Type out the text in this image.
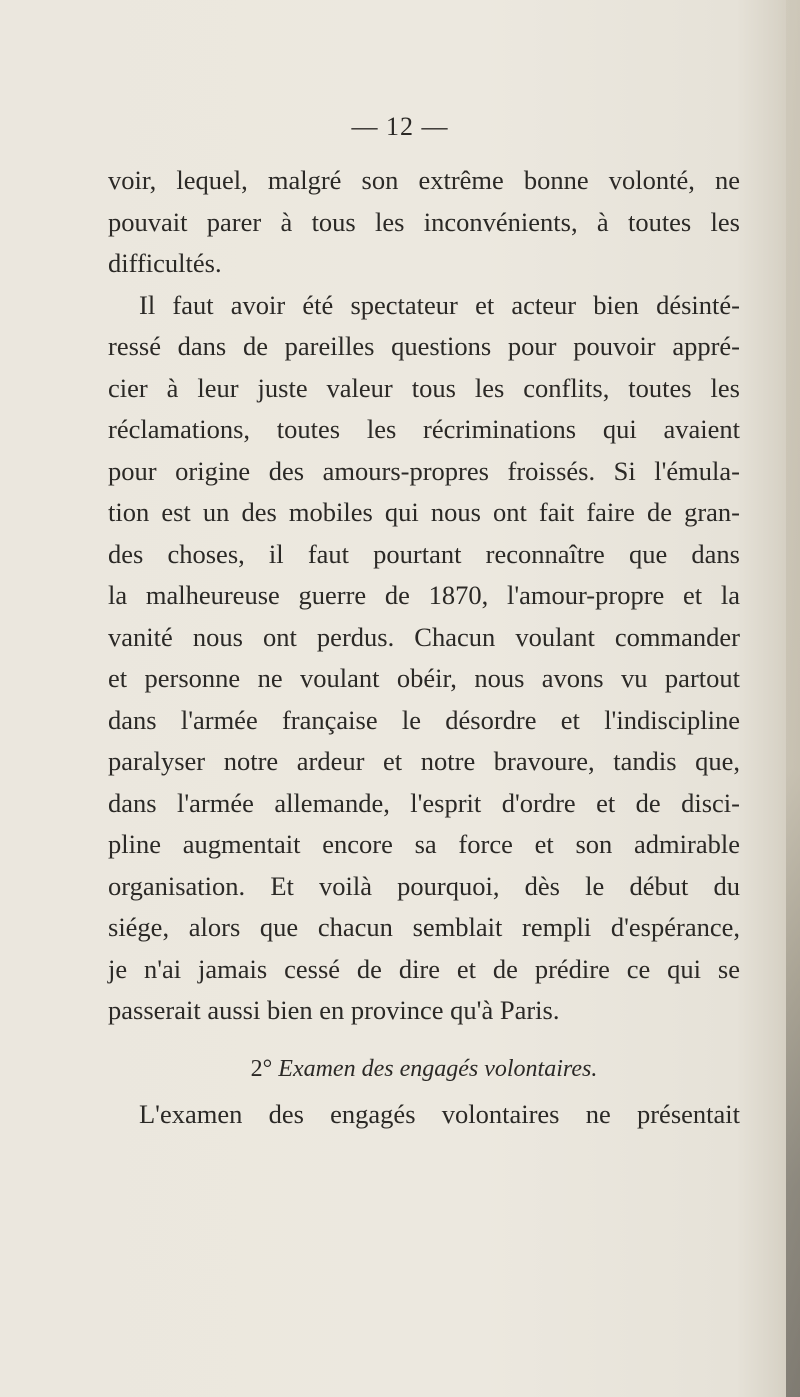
— 12 —
voir, lequel, malgré son extrême bonne volonté, ne
pouvait parer à tous les inconvénients, à toutes les
difficultés.
Il faut avoir été spectateur et acteur bien désinté-
ressé dans de pareilles questions pour pouvoir appré-
cier à leur juste valeur tous les conflits, toutes les
réclamations, toutes les récriminations qui avaient
pour origine des amours-propres froissés. Si l'émula-
tion est un des mobiles qui nous ont fait faire de gran-
des choses, il faut pourtant reconnaître que dans
la malheureuse guerre de 1870, l'amour-propre et la
vanité nous ont perdus. Chacun voulant commander
et personne ne voulant obéir, nous avons vu partout
dans l'armée française le désordre et l'indiscipline
paralyser notre ardeur et notre bravoure, tandis que,
dans l'armée allemande, l'esprit d'ordre et de disci-
pline augmentait encore sa force et son admirable
organisation. Et voilà pourquoi, dès le début du
siége, alors que chacun semblait rempli d'espérance,
je n'ai jamais cessé de dire et de prédire ce qui se
passerait aussi bien en province qu'à Paris.
2° Examen des engagés volontaires.
L'examen des engagés volontaires ne présentait
